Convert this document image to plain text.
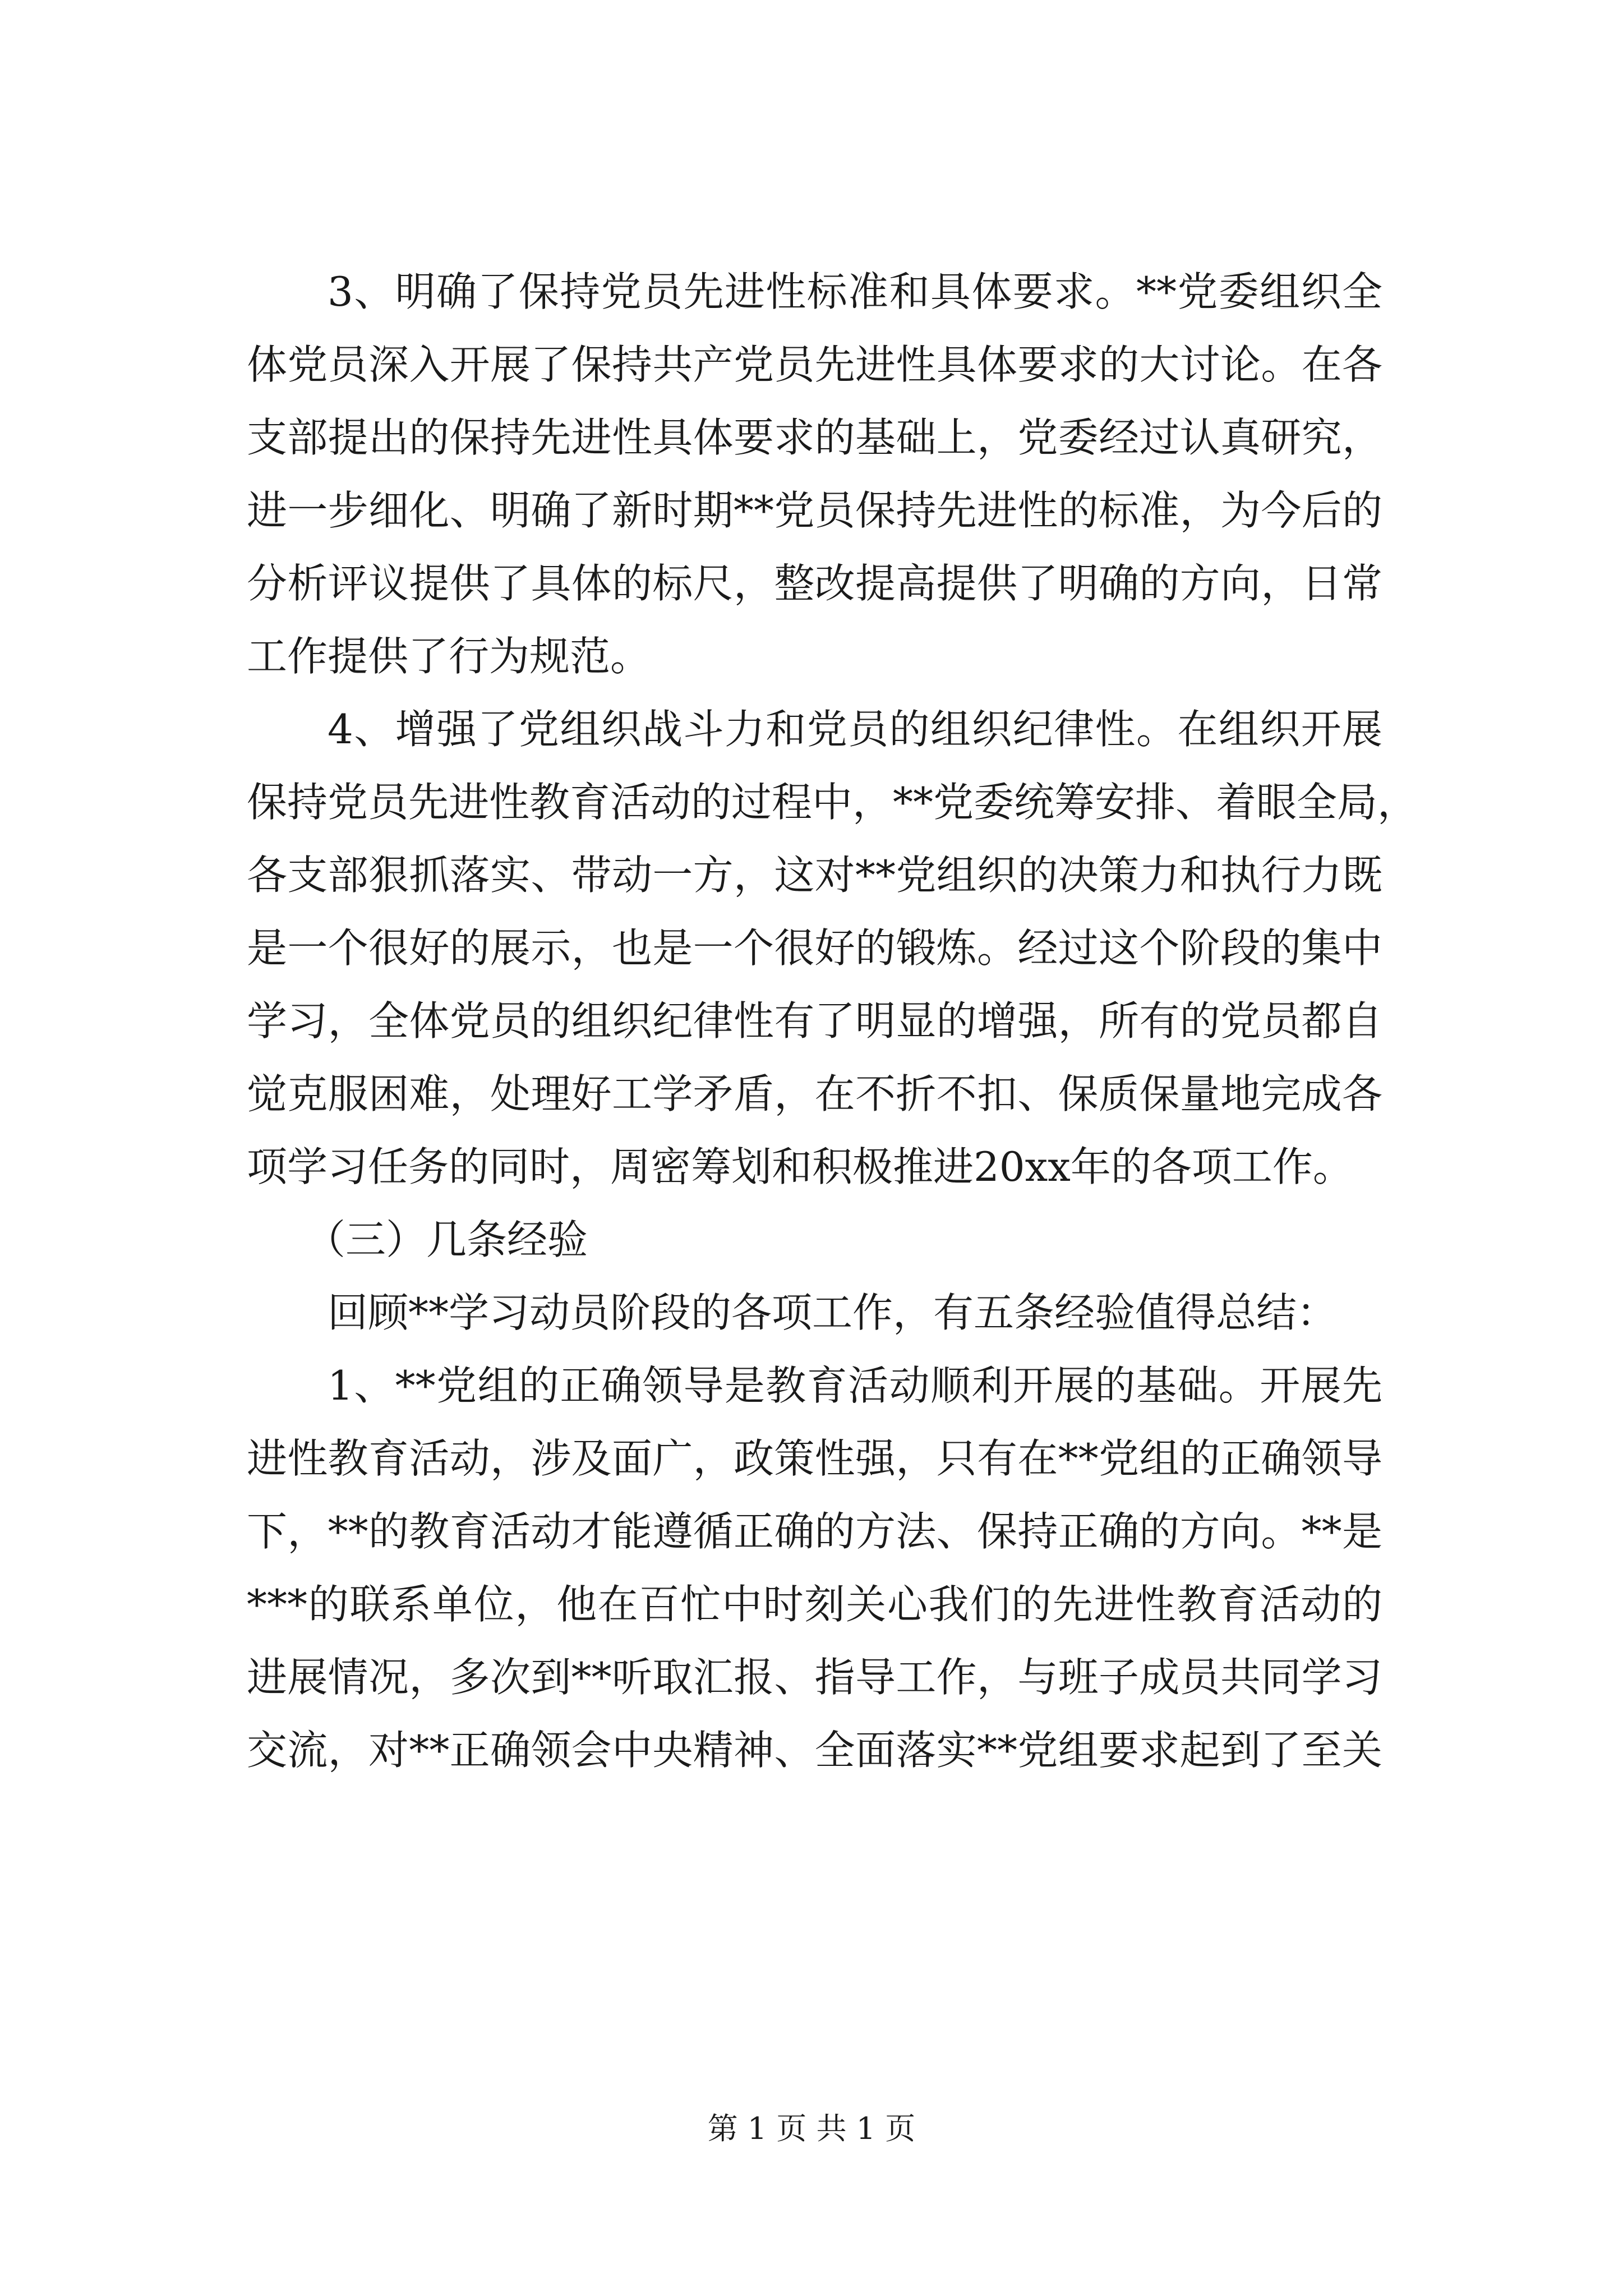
3、明确了保持党员先进性标准和具体要求。**党委组织全
体党员深入开展了保持共产党员先进性具体要求的大讨论。在各
支部提出的保持先进性具体要求的基础上，党委经过认真研究，
进一步细化、明确了新时期**党员保持先进性的标准，为今后的
分析评议提供了具体的标尺，整改提高提供了明确的方向，日常
工作提供了行为规范。
4、增强了党组织战斗力和党员的组织纪律性。在组织开展
保持党员先进性教育活动的过程中，**党委统筹安排、着眼全局，
各支部狠抓落实、带动一方，这对**党组织的决策力和执行力既
是一个很好的展示，也是一个很好的锻炼。经过这个阶段的集中
学习，全体党员的组织纪律性有了明显的增强，所有的党员都自
觉克服困难，处理好工学矛盾，在不折不扣、保质保量地完成各
项学习任务的同时，周密筹划和积极推进20xx年的各项工作。
（三）几条经验
回顾**学习动员阶段的各项工作，有五条经验值得总结：
1、**党组的正确领导是教育活动顺利开展的基础。开展先
进性教育活动，涉及面广，政策性强，只有在**党组的正确领导
下，**的教育活动才能遵循正确的方法、保持正确的方向。**是
***的联系单位，他在百忙中时刻关心我们的先进性教育活动的
进展情况，多次到**听取汇报、指导工作，与班子成员共同学习
交流，对**正确领会中央精神、全面落实**党组要求起到了至关
第 1 页 共 1 页
